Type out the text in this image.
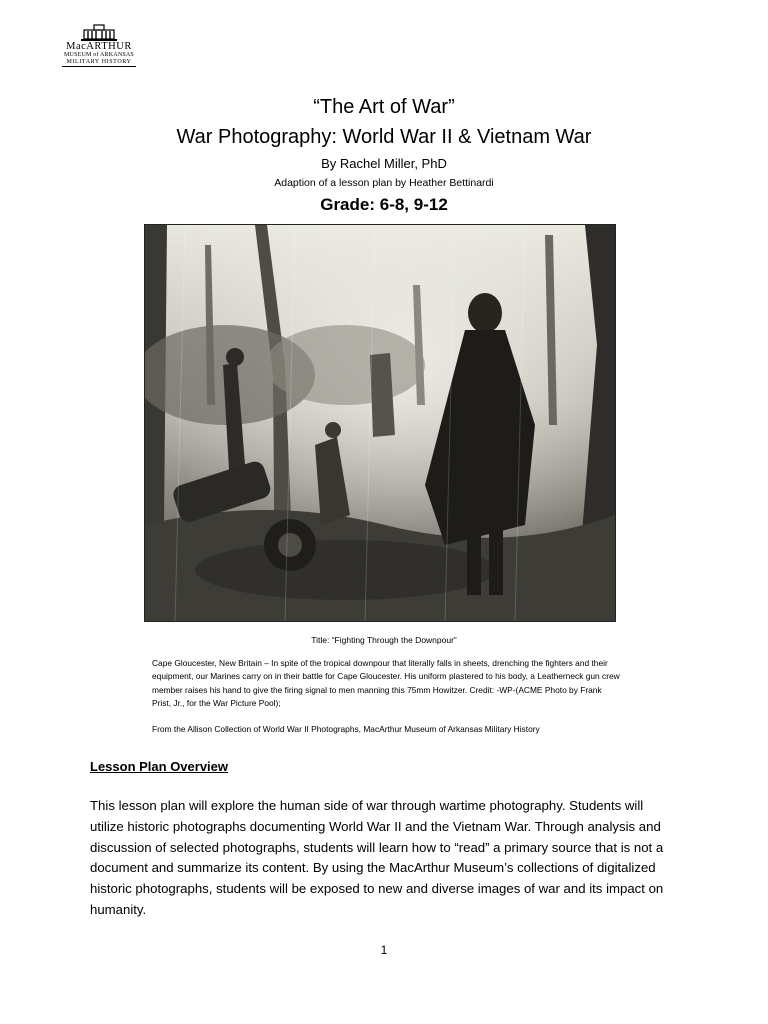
MacARTHUR
MUSEUM of ARKANSAS
MILITARY HISTORY
“The Art of War”
War Photography: World War II & Vietnam War
By Rachel Miller, PhD
Adaption of a lesson plan by Heather Bettinardi
Grade: 6-8, 9-12
Title: “Fighting Through the Downpour”
Cape Gloucester, New Britain – In spite of the tropical downpour that literally falls in sheets, drenching the fighters and their equipment, our Marines carry on in their battle for Cape Gloucester. His uniform plastered to his body, a Leatherneck gun crew member raises his hand to give the firing signal to men manning this 75mm Howitzer. Credit: -WP-(ACME Photo by Frank Prist, Jr., for the War Picture Pool);
From the Allison Collection of World War II Photographs, MacArthur Museum of Arkansas Military History
Lesson Plan Overview
This lesson plan will explore the human side of war through wartime photography. Students will utilize historic photographs documenting World War II and the Vietnam War. Through analysis and discussion of selected photographs, students will learn how to “read” a primary source that is not a document and summarize its content. By using the MacArthur Museum’s collections of digitalized historic photographs, students will be exposed to new and diverse images of war and its impact on humanity.
1
